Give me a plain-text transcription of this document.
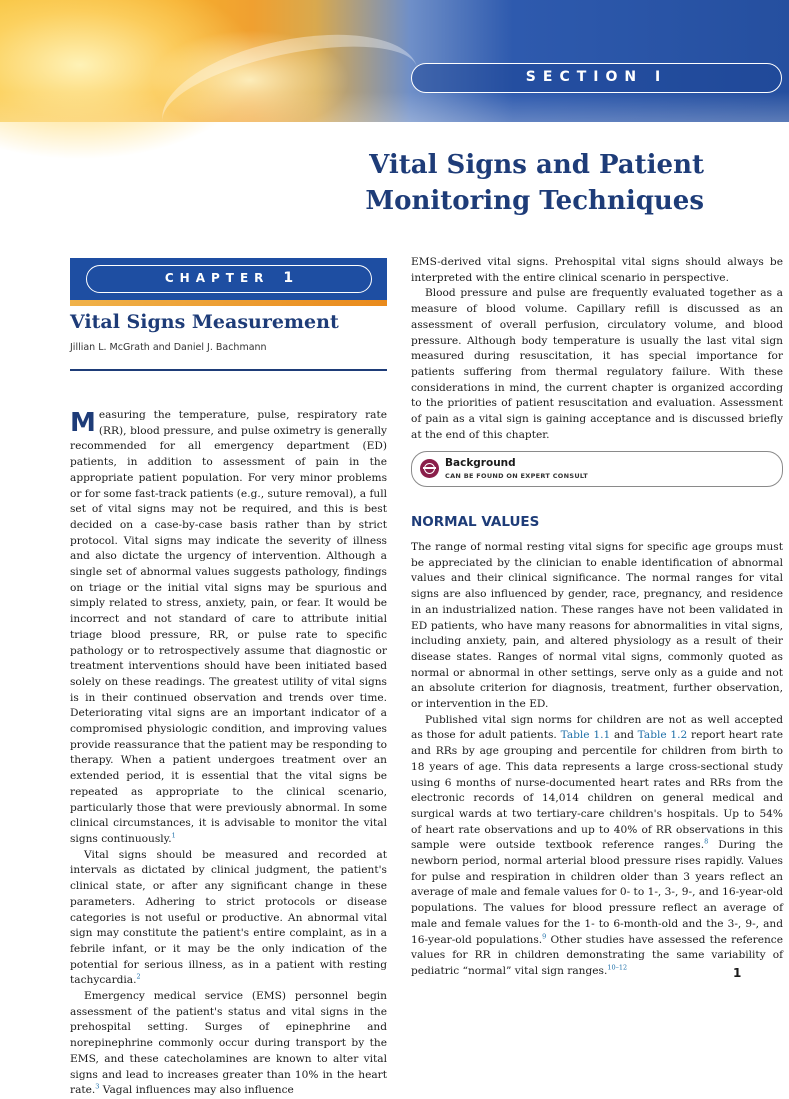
SECTION I
Vital Signs and Patient
Monitoring Techniques
CHAPTER 1
Vital Signs Measurement
Jillian L. McGrath and Daniel J. Bachmann

Measuring the temperature, pulse, respiratory rate (RR), blood pressure, and pulse oximetry is generally recommended for all emergency department (ED) patients, in addition to assessment of pain in the appropriate patient population. For very minor problems or for some fast-track patients (e.g., suture removal), a full set of vital signs may not be required, and this is best decided on a case-by-case basis rather than by strict protocol. Vital signs may indicate the severity of illness and also dictate the urgency of intervention. Although a single set of abnormal values suggests pathology, findings on triage or the initial vital signs may be spurious and simply related to stress, anxiety, pain, or fear. It would be incorrect and not standard of care to attribute initial triage blood pressure, RR, or pulse rate to specific pathology or to retrospectively assume that diagnostic or treatment interventions should have been initiated based solely on these readings. The greatest utility of vital signs is in their continued observation and trends over time. Deteriorating vital signs are an important indicator of a compromised physiologic condition, and improving values provide reassurance that the patient may be responding to therapy. When a patient undergoes treatment over an extended period, it is essential that the vital signs be repeated as appropriate to the clinical scenario, particularly those that were previously abnormal. In some clinical circumstances, it is advisable to monitor the vital signs continuously.$^1$

Vital signs should be measured and recorded at intervals as dictated by clinical judgment, the patient's clinical state, or after any significant change in these parameters. Adhering to strict protocols or disease categories is not useful or productive. An abnormal vital sign may constitute the patient's entire complaint, as in a febrile infant, or it may be the only indication of the potential for serious illness, as in a patient with resting tachycardia.$^2$

Emergency medical service (EMS) personnel begin assessment of the patient's status and vital signs in the prehospital setting. Surges of epinephrine and norepinephrine commonly occur during transport by the EMS, and these catecholamines are known to alter vital signs and lead to increases greater than 10% in the heart rate.$^3$ Vagal influences may also influence

EMS-derived vital signs. Prehospital vital signs should always be interpreted with the entire clinical scenario in perspective.

Blood pressure and pulse are frequently evaluated together as a measure of blood volume. Capillary refill is discussed as an assessment of overall perfusion, circulatory volume, and blood pressure. Although body temperature is usually the last vital sign measured during resuscitation, it has special importance for patients suffering from thermal regulatory failure. With these considerations in mind, the current chapter is organized according to the priorities of patient resuscitation and evaluation. Assessment of pain as a vital sign is gaining acceptance and is discussed briefly at the end of this chapter.

Background
CAN BE FOUND ON EXPERT CONSULT
NORMAL VALUES

The range of normal resting vital signs for specific age groups must be appreciated by the clinician to enable identification of abnormal values and their clinical significance. The normal ranges for vital signs are also influenced by gender, race, pregnancy, and residence in an industrialized nation. These ranges have not been validated in ED patients, who have many reasons for abnormalities in vital signs, including anxiety, pain, and altered physiology as a result of their disease states. Ranges of normal vital signs, commonly quoted as normal or abnormal in other settings, serve only as a guide and not an absolute criterion for diagnosis, treatment, further observation, or intervention in the ED.

Published vital sign norms for children are not as well accepted as those for adult patients. Table 1.1 and Table 1.2 report heart rate and RRs by age grouping and percentile for children from birth to 18 years of age. This data represents a large cross-sectional study using 6 months of nurse-documented heart rates and RRs from the electronic records of 14,014 children on general medical and surgical wards at two tertiary-care children's hospitals. Up to 54% of heart rate observations and up to 40% of RR observations in this sample were outside textbook reference ranges.$^8$ During the newborn period, normal arterial blood pressure rises rapidly. Values for pulse and respiration in children older than 3 years reflect an average of male and female values for 0- to 1-, 3-, 9-, and 16-year-old populations. The values for blood pressure reflect an average of male and female values for the 1- to 6-month-old and the 3-, 9-, and 16-year-old populations.$^9$ Other studies have assessed the reference values for RR in children demonstrating the same variability of pediatric “normal” vital sign ranges.$^{10-12}$	1
